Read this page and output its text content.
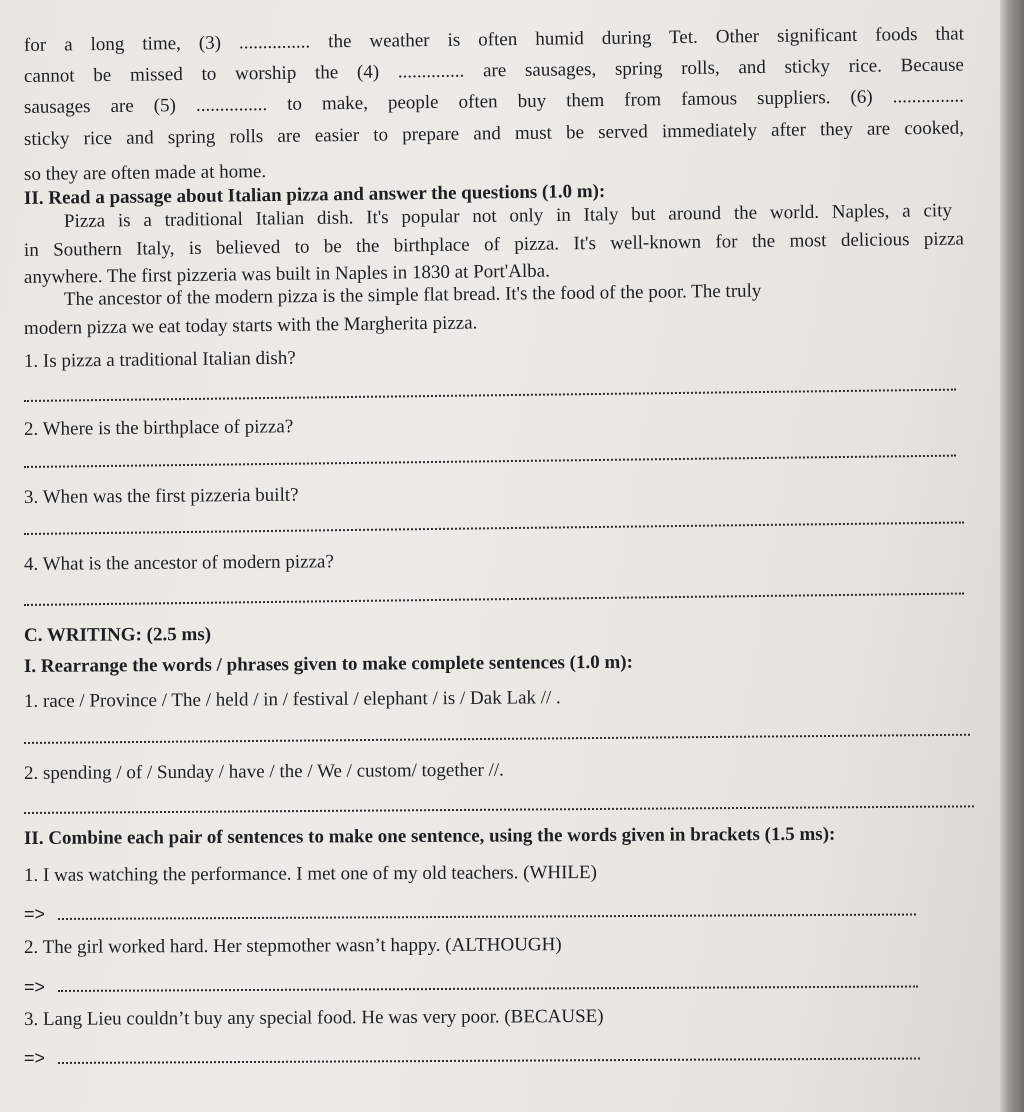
for a long time, (3) ............... the weather is often humid during Tet. Other significant foods that
cannot be missed to worship the (4) .............. are sausages, spring rolls, and sticky rice. Because
sausages are (5) ............... to make, people often buy them from famous suppliers. (6) ...............
sticky rice and spring rolls are easier to prepare and must be served immediately after they are cooked,
so they are often made at home.
II. Read a passage about Italian pizza and answer the questions (1.0 m):
Pizza is a traditional Italian dish. It's popular not only in Italy but around the world. Naples, a city
in Southern Italy, is believed to be the birthplace of pizza. It's well-known for the most delicious pizza
anywhere. The first pizzeria was built in Naples in 1830 at Port'Alba.
The ancestor of the modern pizza is the simple flat bread. It's the food of the poor. The truly
modern pizza we eat today starts with the Margherita pizza.
1. Is pizza a traditional Italian dish?
2. Where is the birthplace of pizza?
3. When was the first pizzeria built?
4. What is the ancestor of modern pizza?
C. WRITING: (2.5 ms)
I. Rearrange the words / phrases given to make complete sentences (1.0 m):
1. race / Province / The / held / in / festival / elephant / is / Dak Lak // .
2. spending / of / Sunday / have / the / We / custom/ together //.
II. Combine each pair of sentences to make one sentence, using the words given in brackets (1.5 ms):
1. I was watching the performance. I met one of my old teachers. (WHILE)
=>
2. The girl worked hard. Her stepmother wasn’t happy. (ALTHOUGH)
=>
3. Lang Lieu couldn’t buy any special food. He was very poor. (BECAUSE)
=>
